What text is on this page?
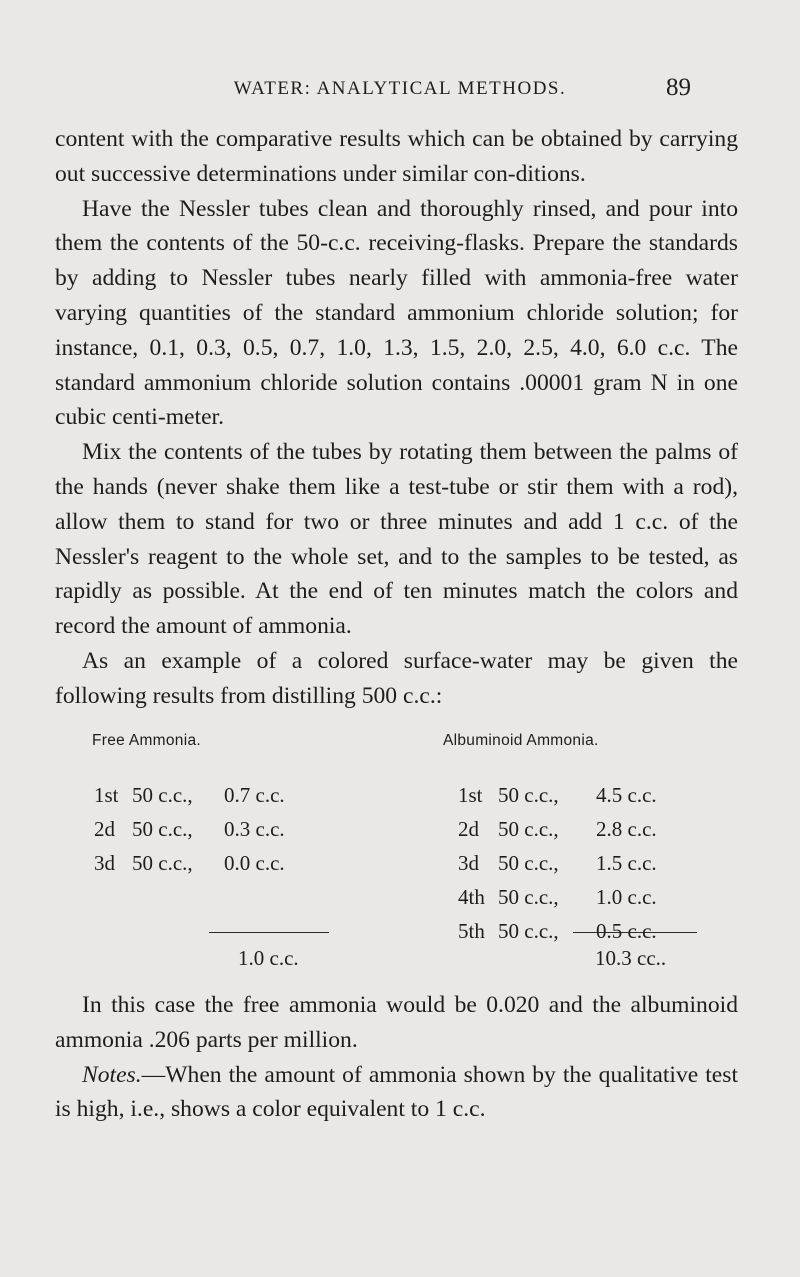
WATER: ANALYTICAL METHODS.	89

content with the comparative results which can be obtained by carrying out successive determinations under similar con-ditions.

Have the Nessler tubes clean and thoroughly rinsed, and pour into them the contents of the 50-c.c. receiving-flasks. Prepare the standards by adding to Nessler tubes nearly filled with ammonia-free water varying quantities of the standard ammonium chloride solution; for instance, 0.1, 0.3, 0.5, 0.7, 1.0, 1.3, 1.5, 2.0, 2.5, 4.0, 6.0 c.c. The standard ammonium chloride solution contains .00001 gram N in one cubic centi-meter.

Mix the contents of the tubes by rotating them between the palms of the hands (never shake them like a test-tube or stir them with a rod), allow them to stand for two or three minutes and add 1 c.c. of the Nessler's reagent to the whole set, and to the samples to be tested, as rapidly as possible. At the end of ten minutes match the colors and record the amount of ammonia.

As an example of a colored surface-water may be given the following results from distilling 500 c.c.:

Free Ammonia.	Albuminoid Ammonia.

1st 50 c.c., 0.7 c.c.

2d 50 c.c., 0.3 c.c.

3d 50 c.c., 0.0 c.c.

1st 50 c.c., 4.5 c.c.

2d 50 c.c., 2.8 c.c.

3d 50 c.c., 1.5 c.c.

4th 50 c.c., 1.0 c.c.

5th 50 c.c., 0.5 c.c.

1.0 c.c.	10.3 cc..

In this case the free ammonia would be 0.020 and the albuminoid ammonia .206 parts per million.

Notes.—When the amount of ammonia shown by the qualitative test is high, i.e., shows a color equivalent to 1 c.c.
